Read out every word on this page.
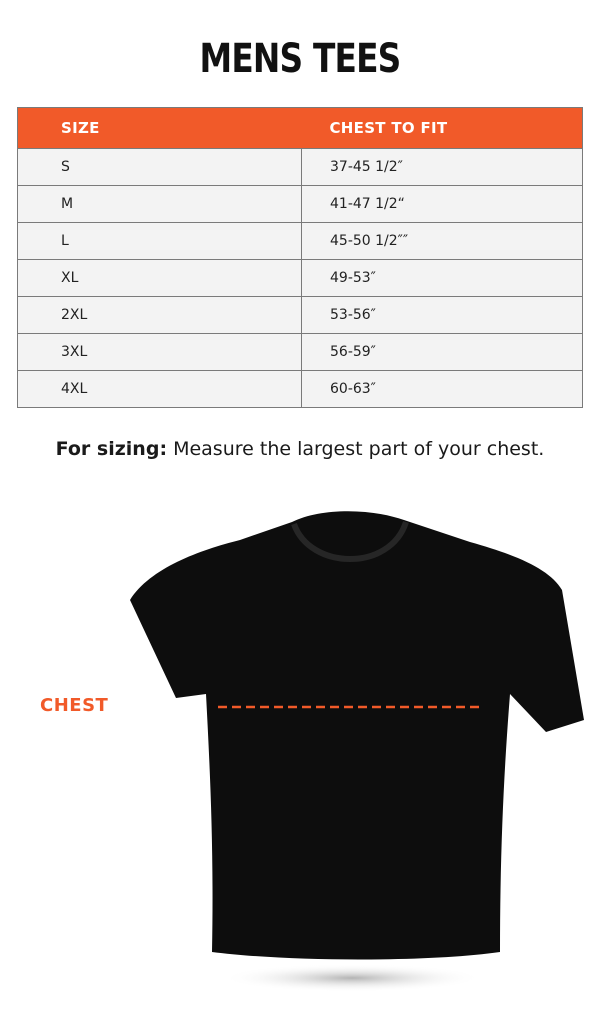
MENS TEES
SIZE	CHEST TO FIT
S	37-45 1/2″
M	41-47 1/2“
L	45-50 1/2″″
XL	49-53″
2XL	53-56″
3XL	56-59″
4XL	60-63″
For sizing: Measure the largest part of your chest.
CHEST
